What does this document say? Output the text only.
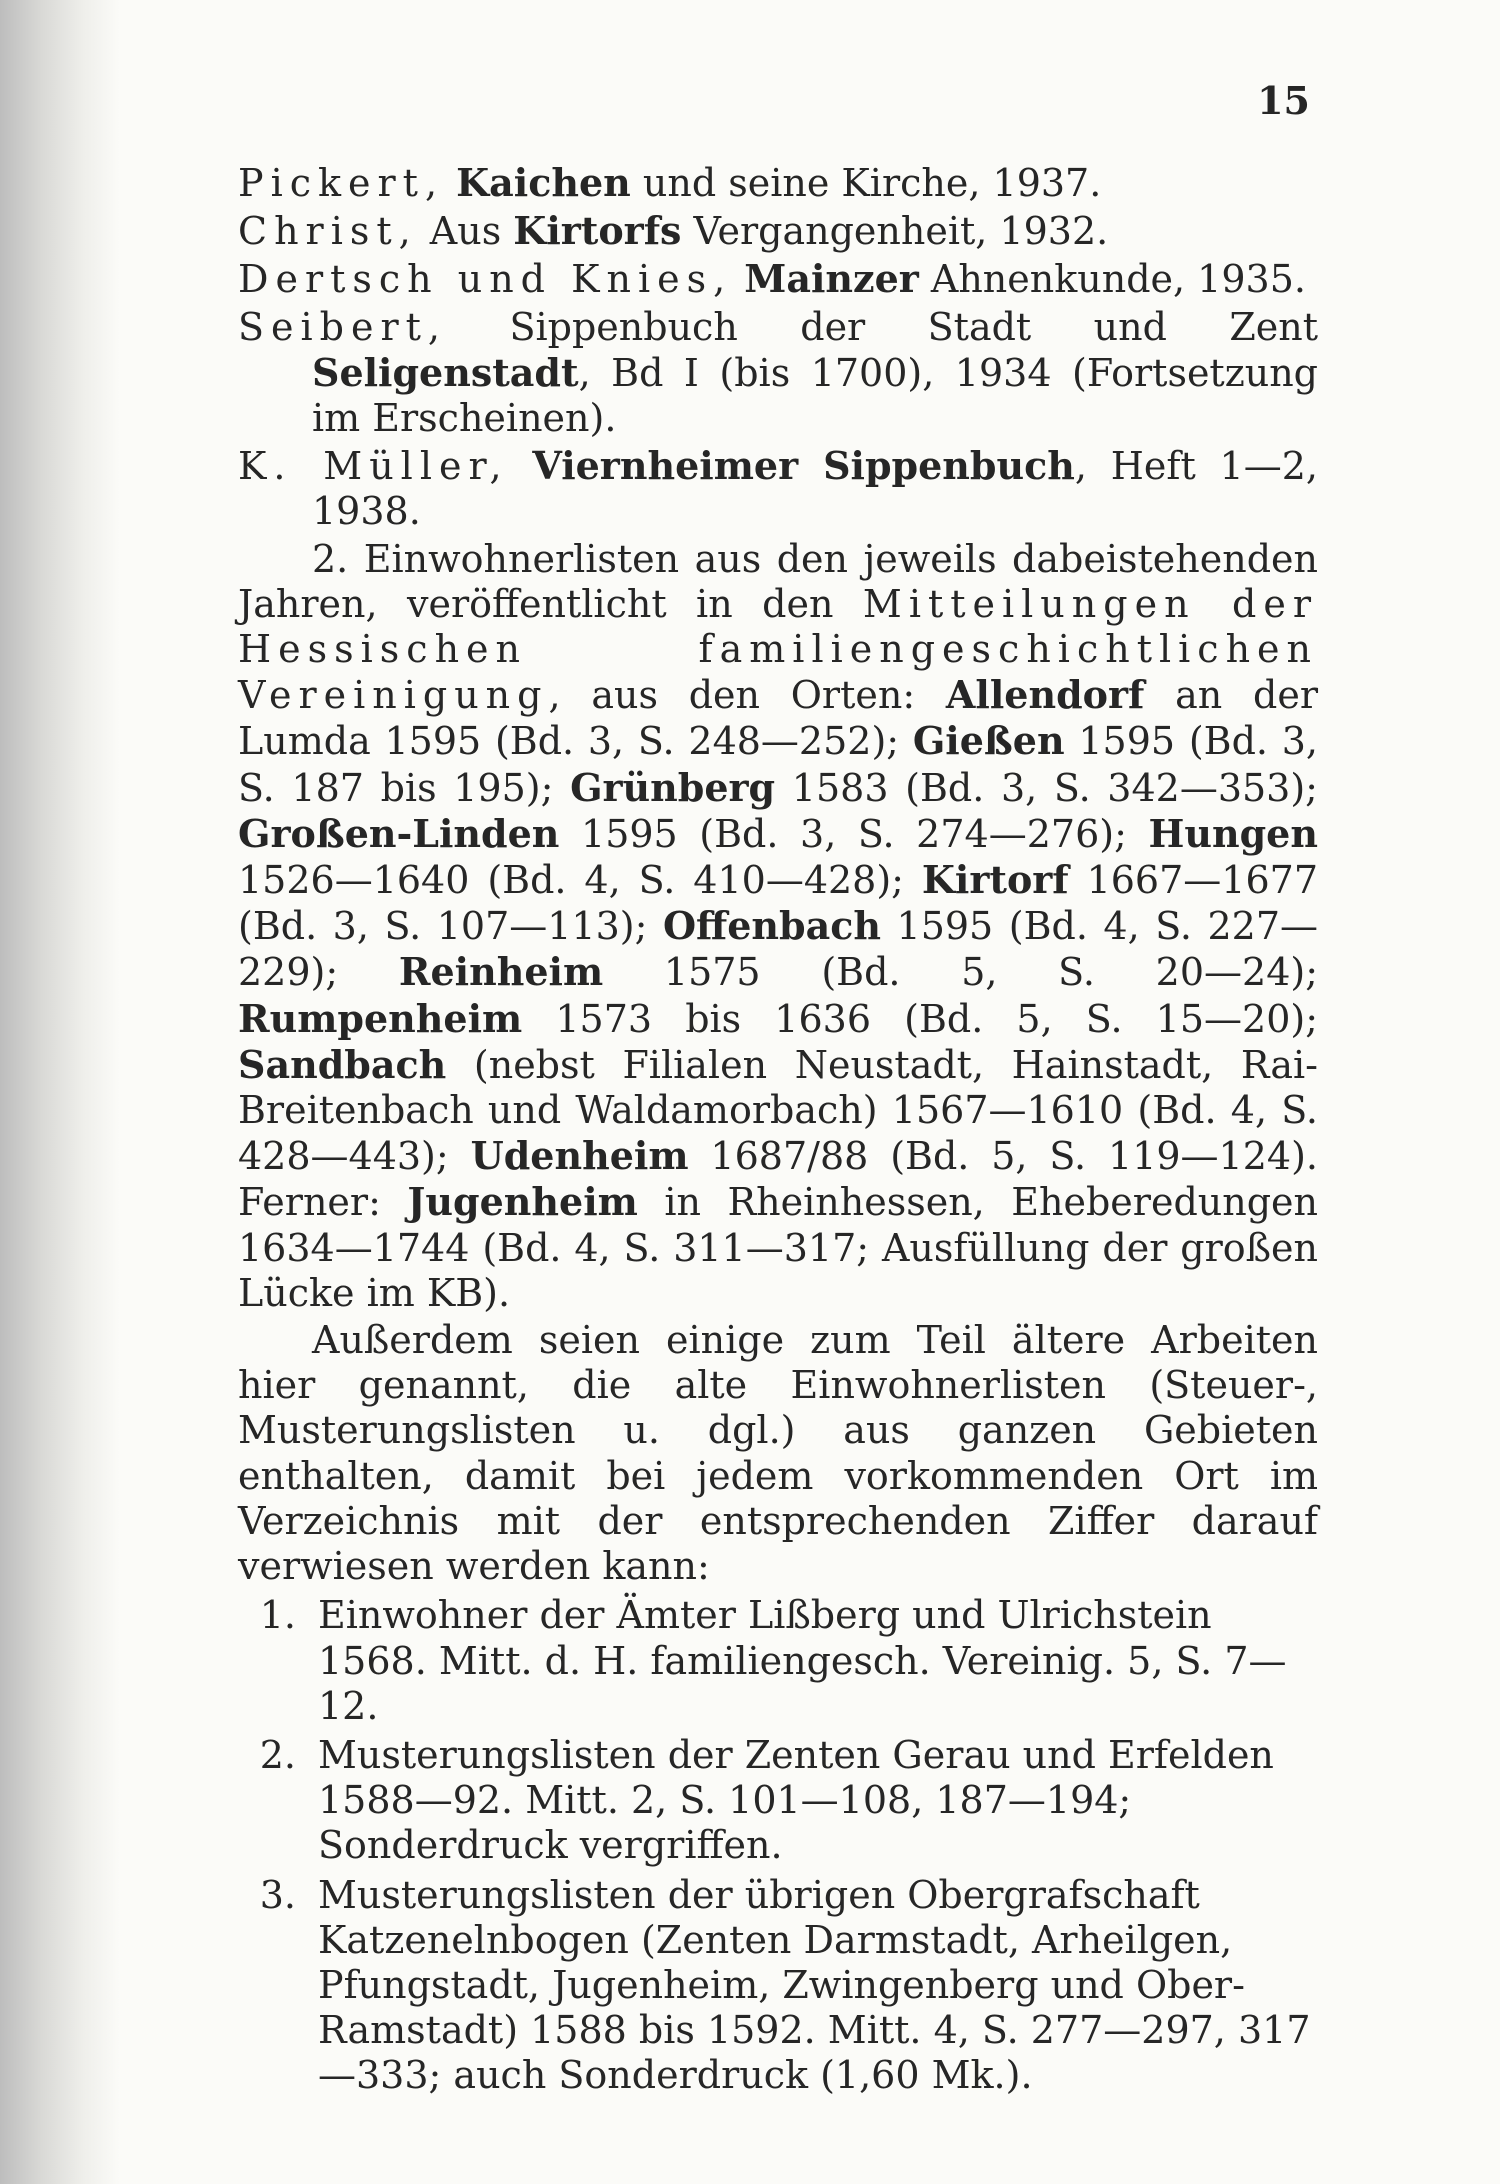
15

Pickert, Kaichen und seine Kirche, 1937.

Christ, Aus Kirtorfs Vergangenheit, 1932.

Dertsch und Knies, Mainzer Ahnenkunde, 1935.

Seibert, Sippenbuch der Stadt und Zent Seligenstadt, Bd I (bis 1700), 1934 (Fortsetzung im Erscheinen).

K. Müller, Viernheimer Sippenbuch, Heft 1—2, 1938.

2. Einwohnerlisten aus den jeweils dabeistehenden Jahren, veröffentlicht in den Mitteilungen der Hessischen familiengeschichtlichen Vereinigung, aus den Orten: Allendorf an der Lumda 1595 (Bd. 3, S. 248—252); Gießen 1595 (Bd. 3, S. 187 bis 195); Grünberg 1583 (Bd. 3, S. 342—353); Großen-Linden 1595 (Bd. 3, S. 274—276); Hungen 1526—1640 (Bd. 4, S. 410—428); Kirtorf 1667—1677 (Bd. 3, S. 107—113); Offenbach 1595 (Bd. 4, S. 227—229); Reinheim 1575 (Bd. 5, S. 20—24); Rumpenheim 1573 bis 1636 (Bd. 5, S. 15—20); Sandbach (nebst Filialen Neustadt, Hainstadt, Rai-Breitenbach und Waldamorbach) 1567—1610 (Bd. 4, S. 428—443); Udenheim 1687/88 (Bd. 5, S. 119—124). Ferner: Jugenheim in Rheinhessen, Eheberedungen 1634—1744 (Bd. 4, S. 311—317; Ausfüllung der großen Lücke im KB).

Außerdem seien einige zum Teil ältere Arbeiten hier genannt, die alte Einwohnerlisten (Steuer-, Musterungslisten u. dgl.) aus ganzen Gebieten enthalten, damit bei jedem vorkommenden Ort im Verzeichnis mit der entsprechenden Ziffer darauf verwiesen werden kann:

1. Einwohner der Ämter Lißberg und Ulrichstein 1568. Mitt. d. H. familiengesch. Vereinig. 5, S. 7—12.
2. Musterungslisten der Zenten Gerau und Erfelden 1588—92. Mitt. 2, S. 101—108, 187—194; Sonderdruck vergriffen.
3. Musterungslisten der übrigen Obergrafschaft Katzenelnbogen (Zenten Darmstadt, Arheilgen, Pfungstadt, Jugenheim, Zwingenberg und Ober-Ramstadt) 1588 bis 1592. Mitt. 4, S. 277—297, 317—333; auch Sonderdruck (1,60 Mk.).
